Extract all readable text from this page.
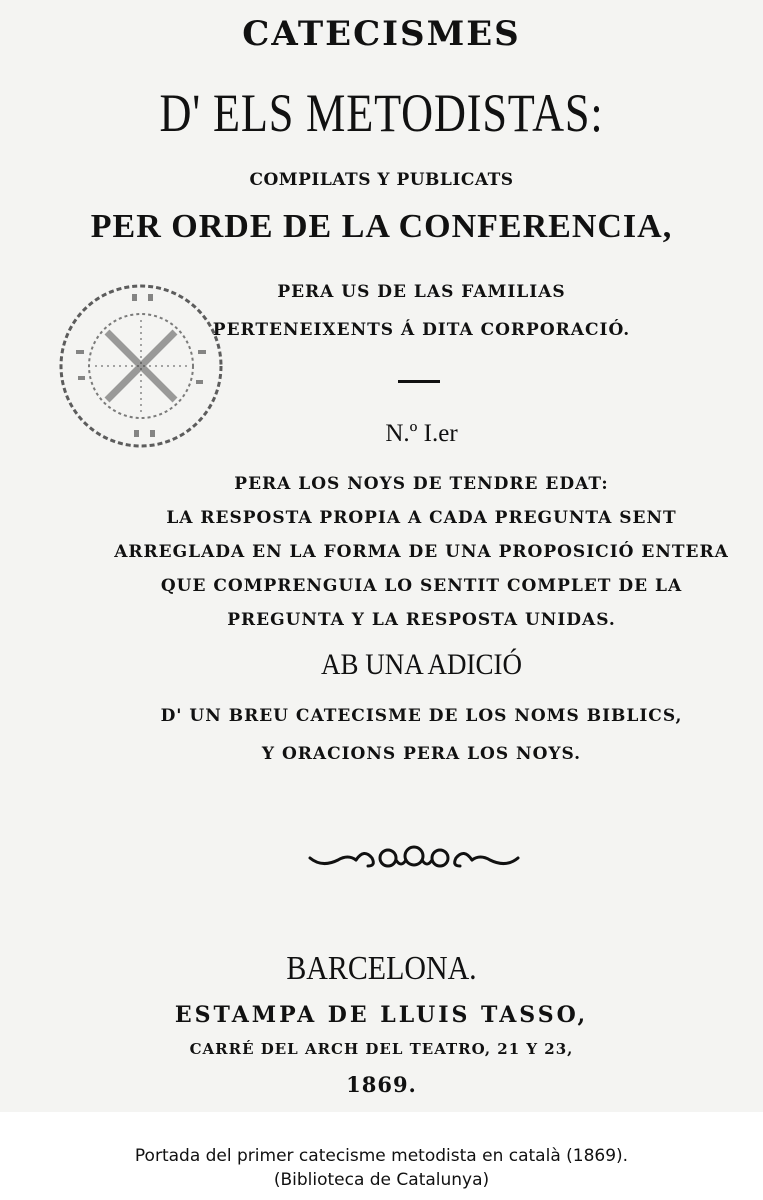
CATECISMES
D' ELS METODISTAS:
COMPILATS Y PUBLICATS
PER ORDE DE LA CONFERENCIA,
PERA US DE LAS FAMILIAS
PERTENEIXENTS Á DITA CORPORACIÓ.
N.º I.er
PERA LOS NOYS DE TENDRE EDAT:
LA RESPOSTA PROPIA A CADA PREGUNTA SENT
ARREGLADA EN LA FORMA DE UNA PROPOSICIÓ ENTERA
QUE COMPRENGUIA LO SENTIT COMPLET DE LA
PREGUNTA Y LA RESPOSTA UNIDAS.
AB UNA ADICIÓ
D' UN BREU CATECISME DE LOS NOMS BIBLICS,
Y ORACIONS PERA LOS NOYS.
BARCELONA.
ESTAMPA DE LLUIS TASSO,
CARRÉ DEL ARCH DEL TEATRO, 21 Y 23,
1869.
Portada del primer catecisme metodista en català (1869).
(Biblioteca de Catalunya)
